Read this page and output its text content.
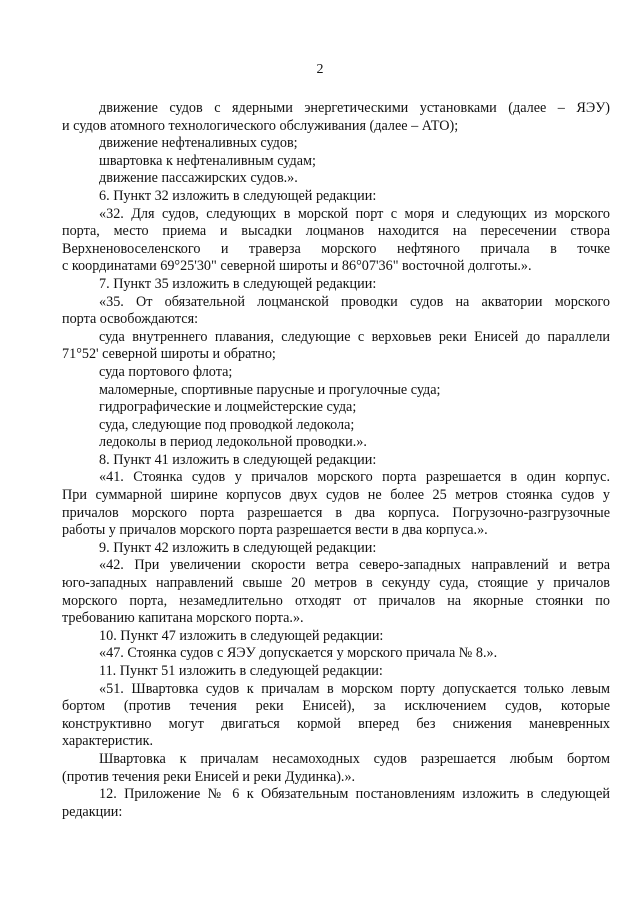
2
движение судов с ядерными энергетическими установками (далее – ЯЭУ)
и судов атомного технологического обслуживания (далее – АТО);
движение нефтеналивных судов;
швартовка к нефтеналивным судам;
движение пассажирских судов.».
6. Пункт 32 изложить в следующей редакции:
«32. Для судов, следующих в морской порт с моря и следующих из морского
порта, место приема и высадки лоцманов находится на пересечении створа
Верхненовоселенского и траверза морского нефтяного причала в точке
с координатами 69°25'30" северной широты и 86°07'36" восточной долготы.».
7. Пункт 35 изложить в следующей редакции:
«35. От обязательной лоцманской проводки судов на акватории морского
порта освобождаются:
суда внутреннего плавания, следующие с верховьев реки Енисей до параллели
71°52' северной широты и обратно;
суда портового флота;
маломерные, спортивные парусные и прогулочные суда;
гидрографические и лоцмейстерские суда;
суда, следующие под проводкой ледокола;
ледоколы в период ледокольной проводки.».
8. Пункт 41 изложить в следующей редакции:
«41. Стоянка судов у причалов морского порта разрешается в один корпус.
При суммарной ширине корпусов двух судов не более 25 метров стоянка судов у
причалов морского порта разрешается в два корпуса. Погрузочно-разгрузочные
работы у причалов морского порта разрешается вести в два корпуса.».
9. Пункт 42 изложить в следующей редакции:
«42. При увеличении скорости ветра северо-западных направлений и ветра
юго-западных направлений свыше 20 метров в секунду суда, стоящие у причалов
морского порта, незамедлительно отходят от причалов на якорные стоянки по
требованию капитана морского порта.».
10. Пункт 47 изложить в следующей редакции:
«47. Стоянка судов с ЯЭУ допускается у морского причала № 8.».
11. Пункт 51 изложить в следующей редакции:
«51. Швартовка судов к причалам в морском порту допускается только левым
бортом (против течения реки Енисей), за исключением судов, которые
конструктивно могут двигаться кормой вперед без снижения маневренных
характеристик.
Швартовка к причалам несамоходных судов разрешается любым бортом
(против течения реки Енисей и реки Дудинка).».
12. Приложение № 6 к Обязательным постановлениям изложить в следующей
редакции:
